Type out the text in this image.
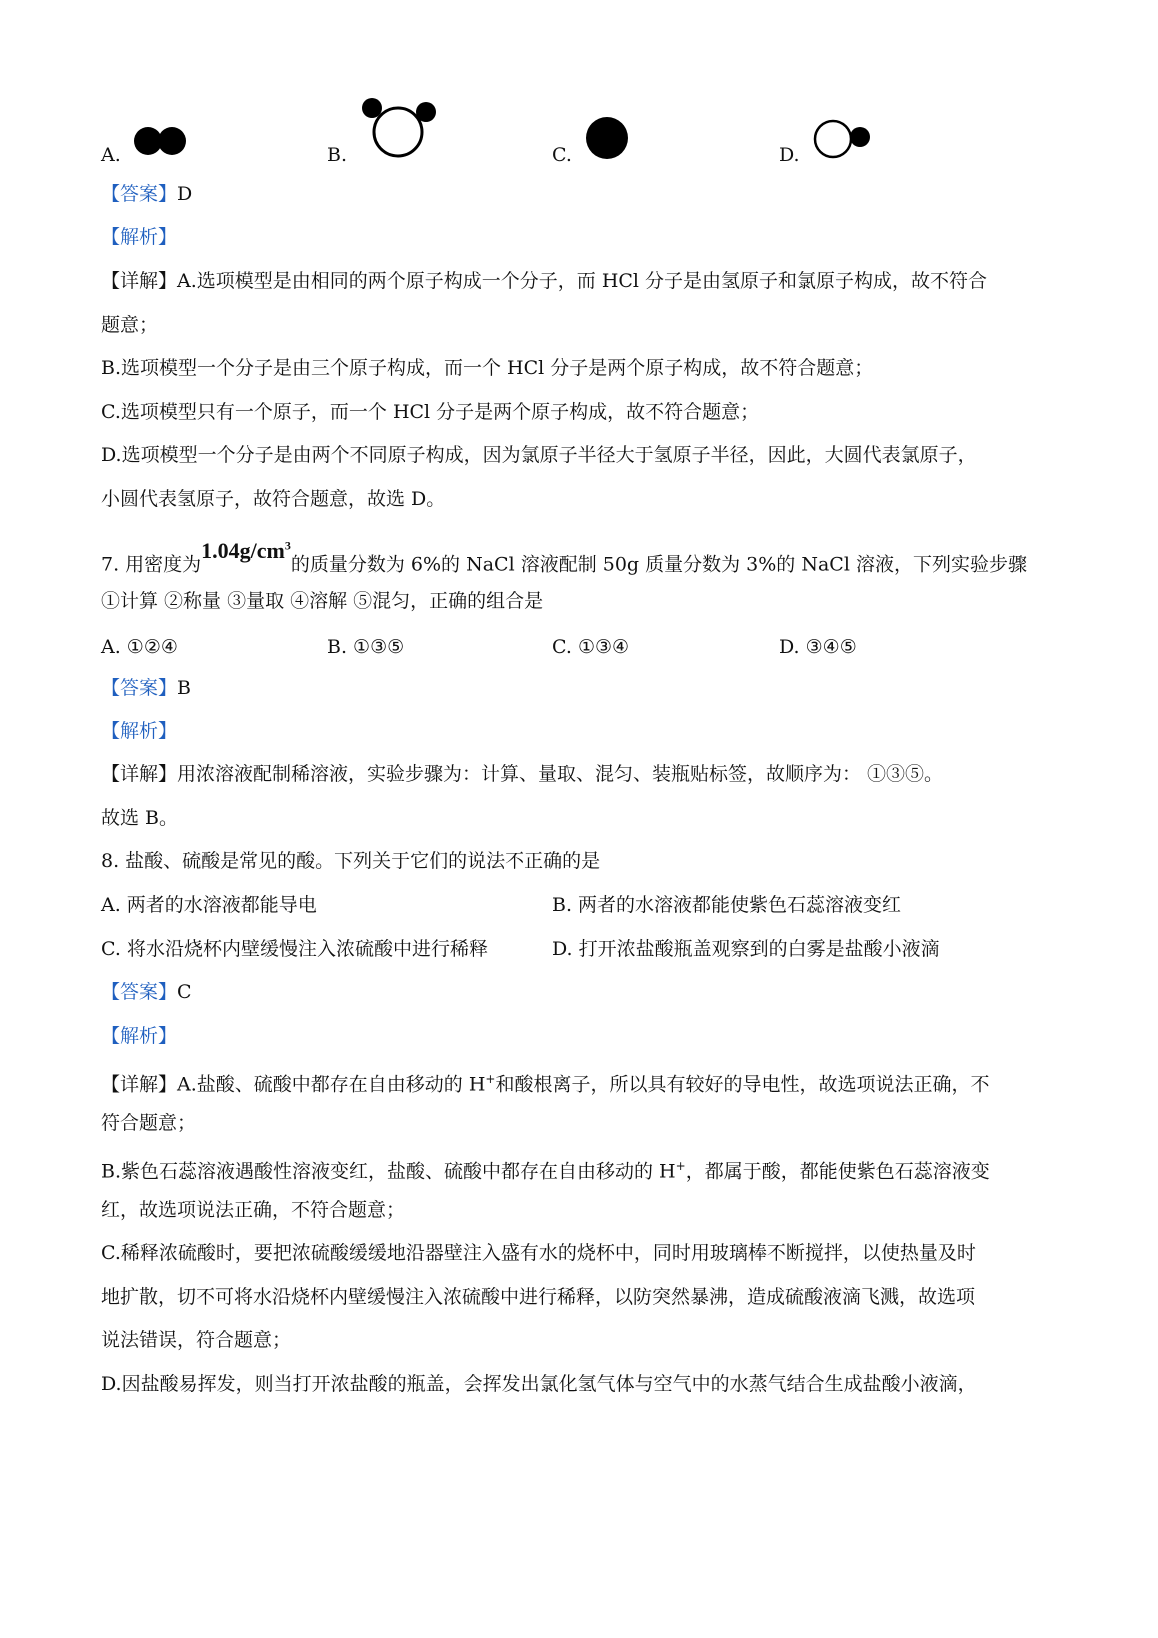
A.	B.	C.	D.
【答案】D
【解析】
【详解】A.选项模型是由相同的两个原子构成一个分子，而 HCl 分子是由氢原子和氯原子构成，故不符合
题意；
B.选项模型一个分子是由三个原子构成，而一个 HCl 分子是两个原子构成，故不符合题意；
C.选项模型只有一个原子，而一个 HCl 分子是两个原子构成，故不符合题意；
D.选项模型一个分子是由两个不同原子构成，因为氯原子半径大于氢原子半径，因此，大圆代表氯原子，
小圆代表氢原子，故符合题意，故选 D。
7. 用密度为$1.04g/cm^3$的质量分数为 6%的 NaCl 溶液配制 50g 质量分数为 3%的 NaCl 溶液，下列实验步骤
①计算 ②称量 ③量取 ④溶解 ⑤混匀，正确的组合是
A. ①②④	B. ①③⑤	C. ①③④	D. ③④⑤
【答案】B
【解析】
【详解】用浓溶液配制稀溶液，实验步骤为：计算、量取、混匀、装瓶贴标签，故顺序为： ①③⑤。
故选 B。
8. 盐酸、硫酸是常见的酸。下列关于它们的说法不正确的是
A. 两者的水溶液都能导电	B. 两者的水溶液都能使紫色石蕊溶液变红
C. 将水沿烧杯内壁缓慢注入浓硫酸中进行稀释	D. 打开浓盐酸瓶盖观察到的白雾是盐酸小液滴
【答案】C
【解析】
【详解】A.盐酸、硫酸中都存在自由移动的 H+和酸根离子，所以具有较好的导电性，故选项说法正确，不
符合题意；
B.紫色石蕊溶液遇酸性溶液变红，盐酸、硫酸中都存在自由移动的 H+，都属于酸，都能使紫色石蕊溶液变
红，故选项说法正确，不符合题意；
C.稀释浓硫酸时，要把浓硫酸缓缓地沿器壁注入盛有水的烧杯中，同时用玻璃棒不断搅拌，以使热量及时
地扩散，切不可将水沿烧杯内壁缓慢注入浓硫酸中进行稀释，以防突然暴沸，造成硫酸液滴飞溅，故选项
说法错误，符合题意；
D.因盐酸易挥发，则当打开浓盐酸的瓶盖，会挥发出氯化氢气体与空气中的水蒸气结合生成盐酸小液滴，
